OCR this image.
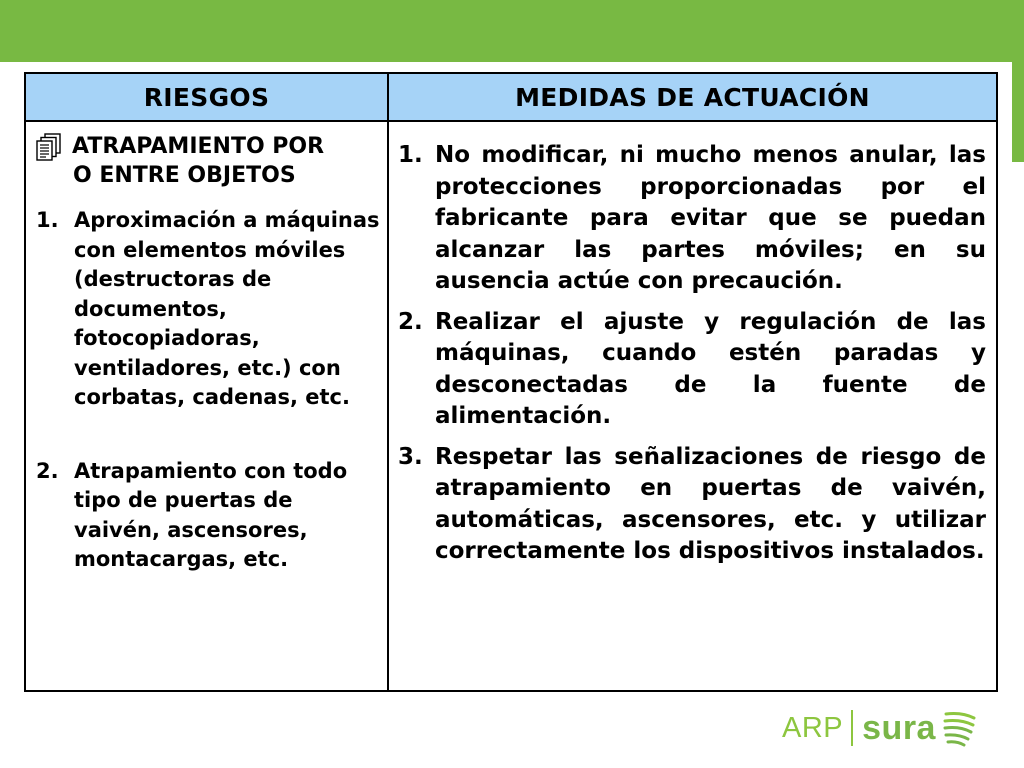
RIESGOS	MEDIDAS DE ACTUACIÓN
ATRAPAMIENTO POR
O ENTRE OBJETOS
1. Aproximación a máquinas con elementos móviles (destructoras de documentos, fotocopiadoras, ventiladores, etc.) con corbatas, cadenas, etc.
2. Atrapamiento con todo tipo de puertas de vaivén, ascensores, montacargas, etc.
1. No modificar, ni mucho menos anular, las protecciones proporcionadas por el fabricante para evitar que se puedan alcanzar las partes móviles; en su ausencia actúe con precaución.
2. Realizar el ajuste y regulación de las máquinas, cuando estén paradas y desconectadas de la fuente de alimentación.
3. Respetar las señalizaciones de riesgo de atrapamiento en puertas de vaivén, automáticas, ascensores, etc. y utilizar correctamente los dispositivos instalados.
ARP sura
